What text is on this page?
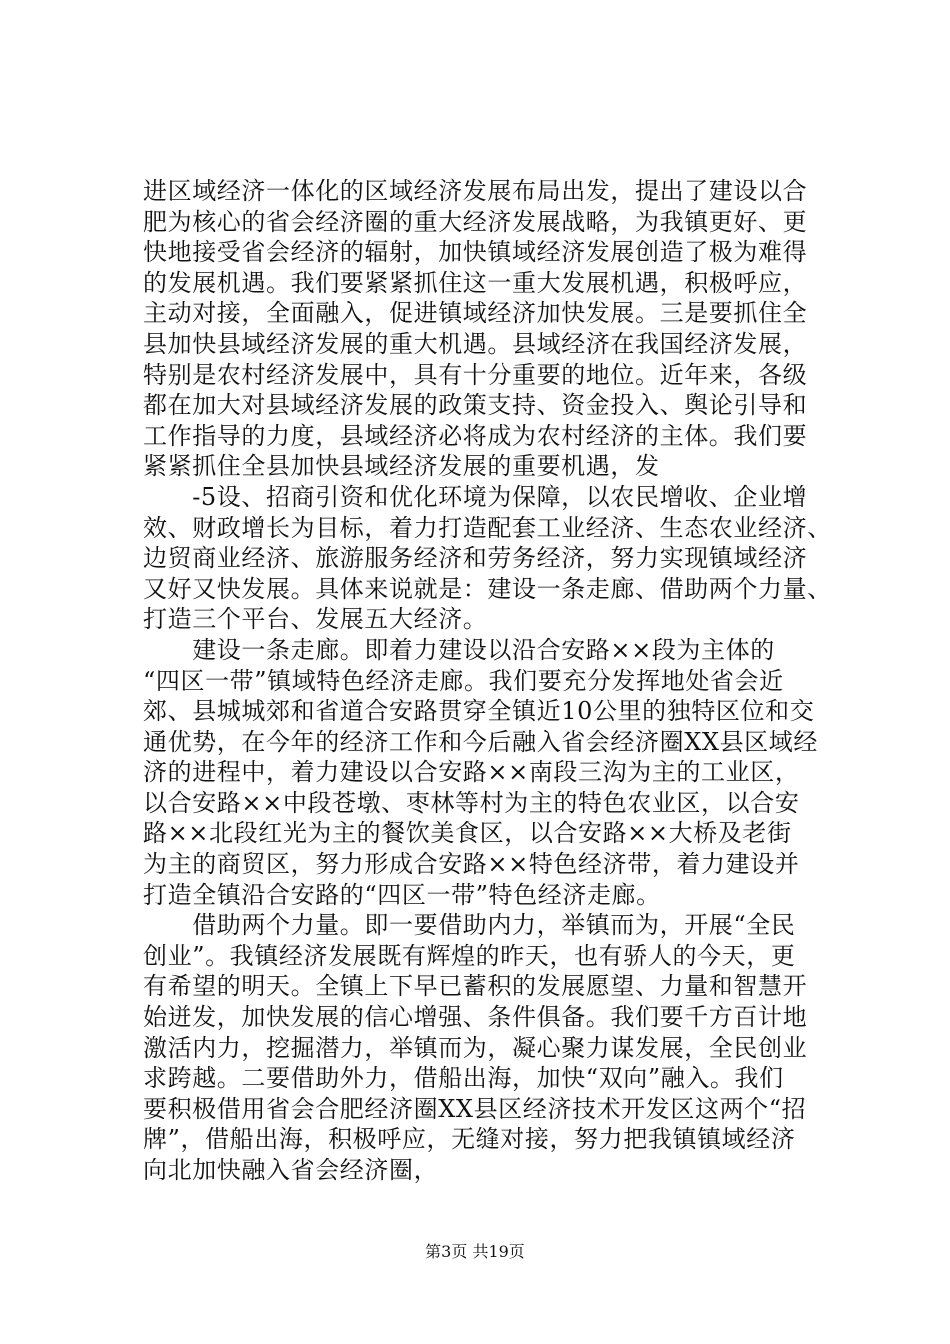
进区域经济一体化的区域经济发展布局出发，提出了建设以合
肥为核心的省会经济圈的重大经济发展战略，为我镇更好、更
快地接受省会经济的辐射，加快镇域经济发展创造了极为难得
的发展机遇。我们要紧紧抓住这一重大发展机遇，积极呼应，
主动对接，全面融入，促进镇域经济加快发展。三是要抓住全
县加快县域经济发展的重大机遇。县域经济在我国经济发展，
特别是农村经济发展中，具有十分重要的地位。近年来，各级
都在加大对县域经济发展的政策支持、资金投入、舆论引导和
工作指导的力度，县域经济必将成为农村经济的主体。我们要
紧紧抓住全县加快县域经济发展的重要机遇，发
　　-5设、招商引资和优化环境为保障，以农民增收、企业增
效、财政增长为目标，着力打造配套工业经济、生态农业经济、
边贸商业经济、旅游服务经济和劳务经济，努力实现镇域经济
又好又快发展。具体来说就是：建设一条走廊、借助两个力量、
打造三个平台、发展五大经济。
　　建设一条走廊。即着力建设以沿合安路××段为主体的
“四区一带”镇域特色经济走廊。我们要充分发挥地处省会近
郊、县城城郊和省道合安路贯穿全镇近10公里的独特区位和交
通优势，在今年的经济工作和今后融入省会经济圈XX县区域经
济的进程中，着力建设以合安路××南段三沟为主的工业区，
以合安路××中段苍墩、枣林等村为主的特色农业区，以合安
路××北段红光为主的餐饮美食区，以合安路××大桥及老街
为主的商贸区，努力形成合安路××特色经济带，着力建设并
打造全镇沿合安路的“四区一带”特色经济走廊。
　　借助两个力量。即一要借助内力，举镇而为，开展“全民
创业”。我镇经济发展既有辉煌的昨天，也有骄人的今天，更
有希望的明天。全镇上下早已蓄积的发展愿望、力量和智慧开
始迸发，加快发展的信心增强、条件俱备。我们要千方百计地
激活内力，挖掘潜力，举镇而为，凝心聚力谋发展，全民创业
求跨越。二要借助外力，借船出海，加快“双向”融入。我们
要积极借用省会合肥经济圈XX县区经济技术开发区这两个“招
牌”，借船出海，积极呼应，无缝对接，努力把我镇镇域经济
向北加快融入省会经济圈，
第3页 共19页
